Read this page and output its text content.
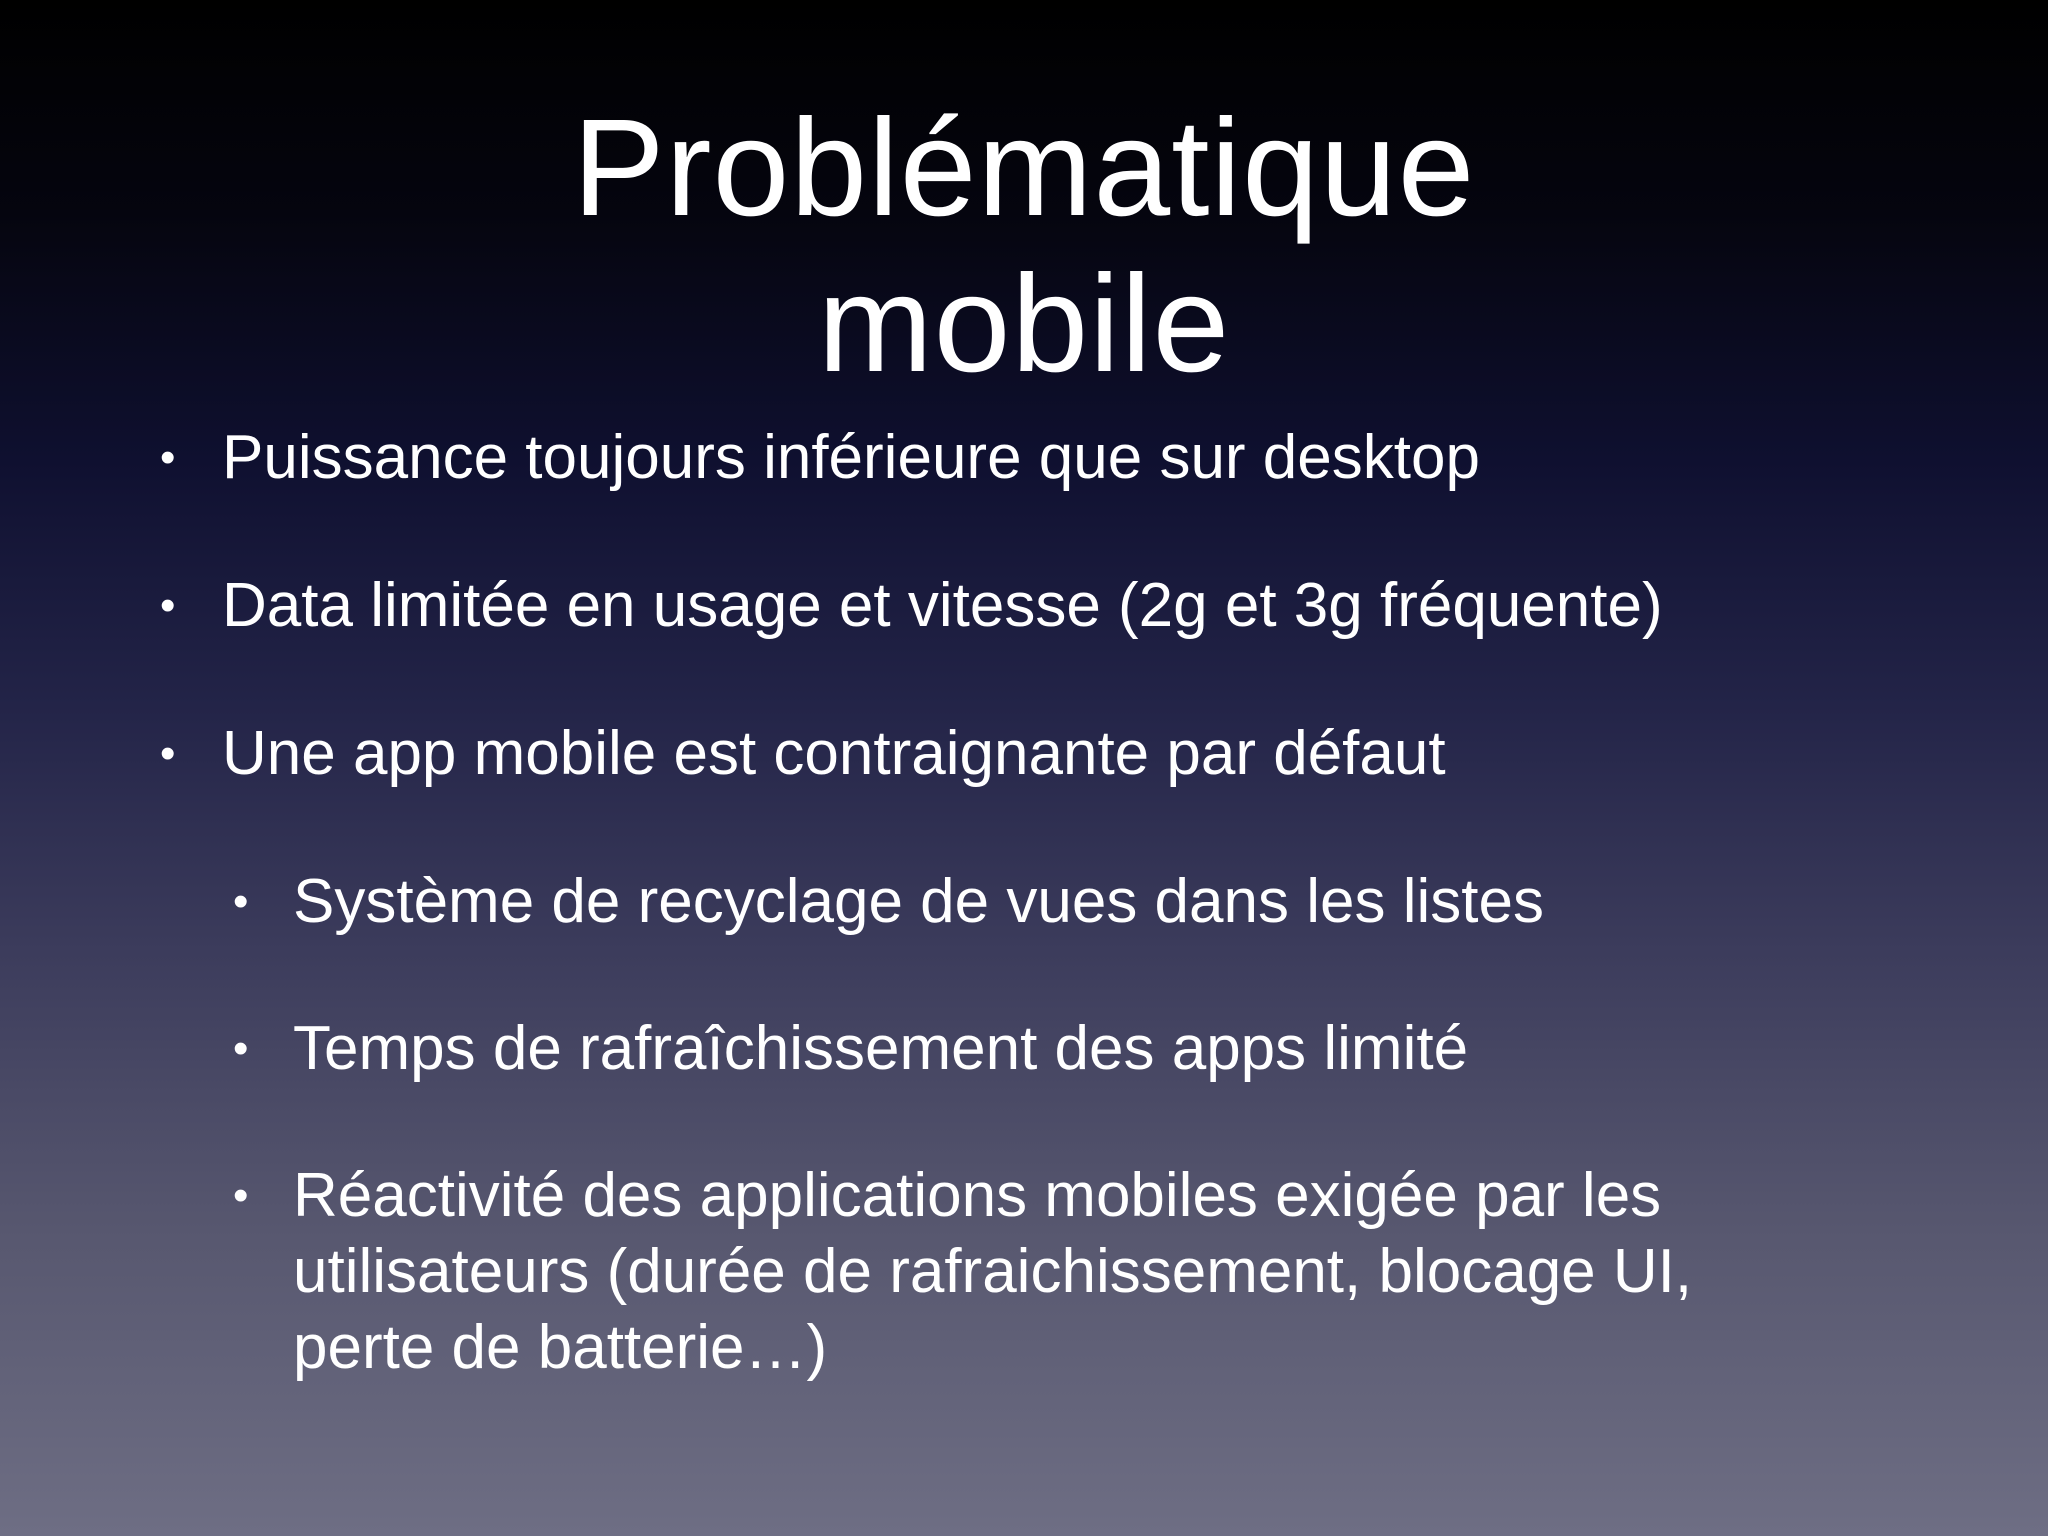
Problématique
mobile
• Puissance toujours inférieure que sur desktop
• Data limitée en usage et vitesse (2g et 3g fréquente)
• Une app mobile est contraignante par défaut
• Système de recyclage de vues dans les listes
• Temps de rafraîchissement des apps limité
• Réactivité des applications mobiles exigée par les utilisateurs (durée de rafraichissement, blocage UI, perte de batterie…)
